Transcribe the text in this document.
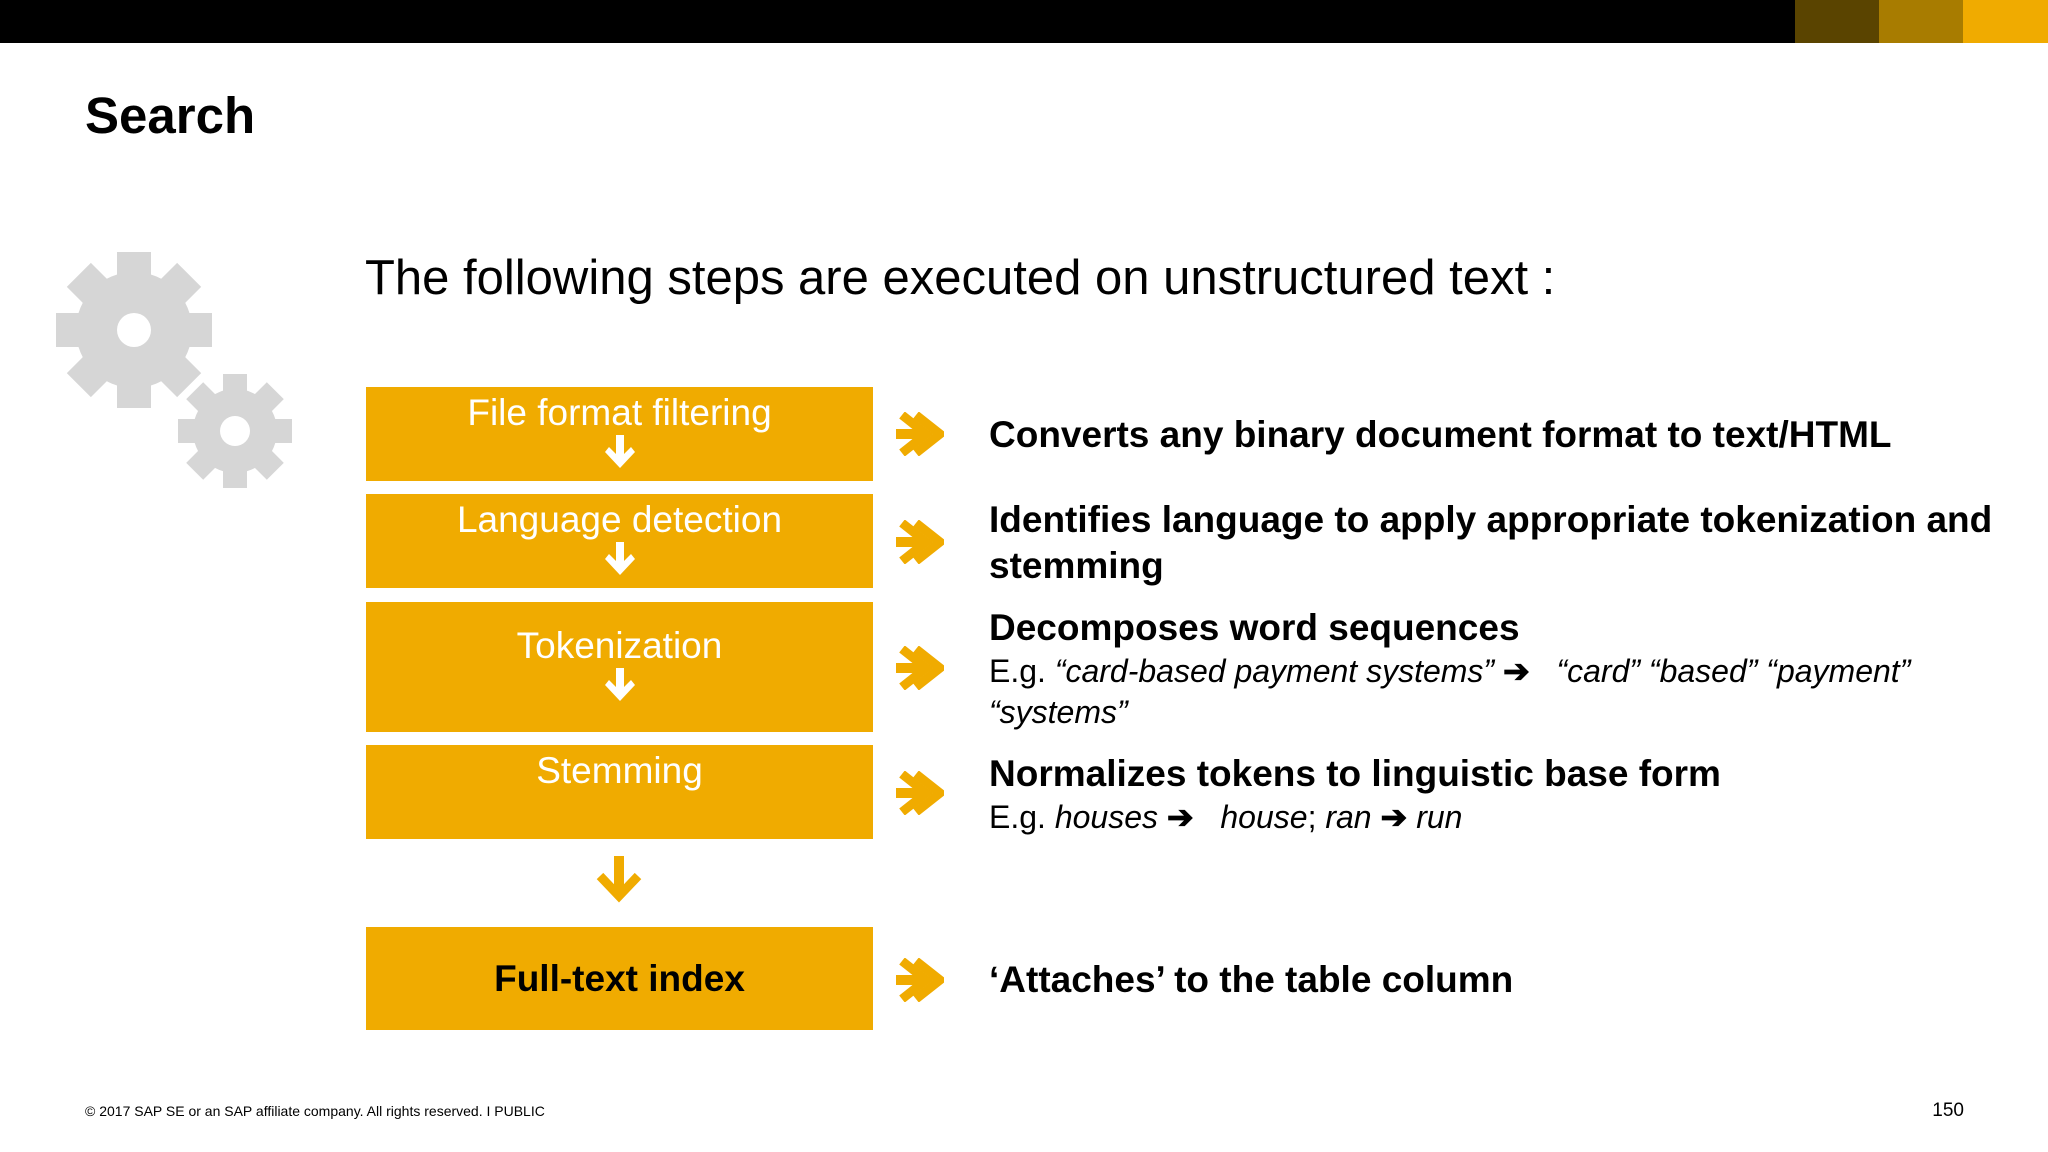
Search
The following steps are executed on unstructured text :
File format filtering
Converts any binary document format to text/HTML
Language detection	Identifies language to apply appropriate tokenization and stemming
Tokenization	Decomposes word sequences
E.g. “card-based payment systems” ➔ “card” “based” “payment” “systems”
Stemming	Normalizes tokens to linguistic base form
E.g. houses ➔ house; ran ➔ run
Full-text index	‘Attaches’ to the table column
© 2017 SAP SE or an SAP affiliate company. All rights reserved. I PUBLIC	150
